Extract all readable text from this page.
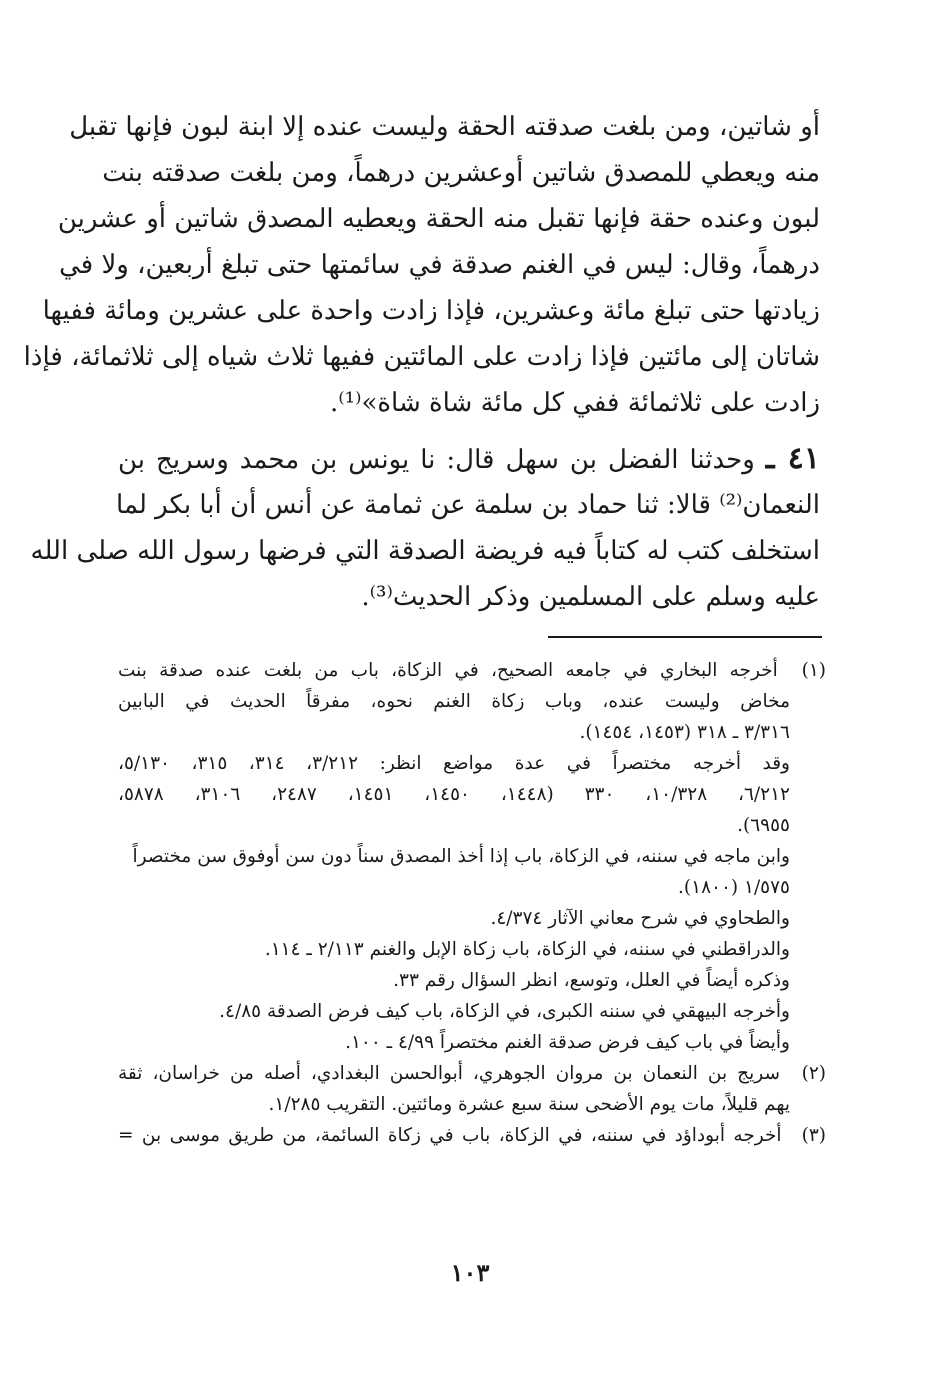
أو شاتين، ومن بلغت صدقته الحقة وليست عنده إلا ابنة لبون فإنها تقبل
منه ويعطي للمصدق شاتين أوعشرين درهماً، ومن بلغت صدقته بنت
لبون وعنده حقة فإنها تقبل منه الحقة ويعطيه المصدق شاتين أو عشرين
درهماً، وقال: ليس في الغنم صدقة في سائمتها حتى تبلغ أربعين، ولا في
زيادتها حتى تبلغ مائة وعشرين، فإذا زادت واحدة على عشرين ومائة ففيها
شاتان إلى مائتين فإذا زادت على المائتين ففيها ثلاث شياه إلى ثلاثمائة، فإذا
زادت على ثلاثمائة ففي كل مائة شاة شاة»⁽¹⁾.
٤١ ـ وحدثنا الفضل بن سهل قال: نا يونس بن محمد وسريج بن
النعمان⁽²⁾ قالا: ثنا حماد بن سلمة عن ثمامة عن أنس أن أبا بكر لما
استخلف كتب له كتاباً فيه فريضة الصدقة التي فرضها رسول الله صلى الله
عليه وسلم على المسلمين وذكر الحديث⁽³⁾.
(١) أخرجه البخاري في جامعه الصحيح، في الزكاة، باب من بلغت عنده صدقة بنت
مخاض وليست عنده، وباب زكاة الغنم نحوه، مفرقاً الحديث في البابين
٣/٣١٦ ـ ٣١٨ (١٤٥٣، ١٤٥٤).
وقد أخرجه مختصراً في عدة مواضع انظر: ٣/٢١٢، ٣١٤، ٣١٥، ٥/١٣٠،
٦/٢١٢، ١٠/٣٢٨، ٣٣٠ (١٤٤٨، ١٤٥٠، ١٤٥١، ٢٤٨٧، ٣١٠٦، ٥٨٧٨،
٦٩٥٥).
وابن ماجه في سننه، في الزكاة، باب إذا أخذ المصدق سناً دون سن أوفوق سن مختصراً
١/٥٧٥ (١٨٠٠).
والطحاوي في شرح معاني الآثار ٤/٣٧٤.
والدراقطني في سننه، في الزكاة، باب زكاة الإبل والغنم ٢/١١٣ ـ ١١٤.
وذكره أيضاً في العلل، وتوسع، انظر السؤال رقم ٣٣.
وأخرجه البيهقي في سننه الكبرى، في الزكاة، باب كيف فرض الصدقة ٤/٨٥.
وأيضاً في باب كيف فرض صدقة الغنم مختصراً ٤/٩٩ ـ ١٠٠.
(٢) سريج بن النعمان بن مروان الجوهري، أبوالحسن البغدادي، أصله من خراسان، ثقة
يهم قليلاً، مات يوم الأضحى سنة سبع عشرة ومائتين. التقريب ١/٢٨٥.
(٣) أخرجه أبوداؤد في سننه، في الزكاة، باب في زكاة السائمة، من طريق موسى بن =
١٠٣
